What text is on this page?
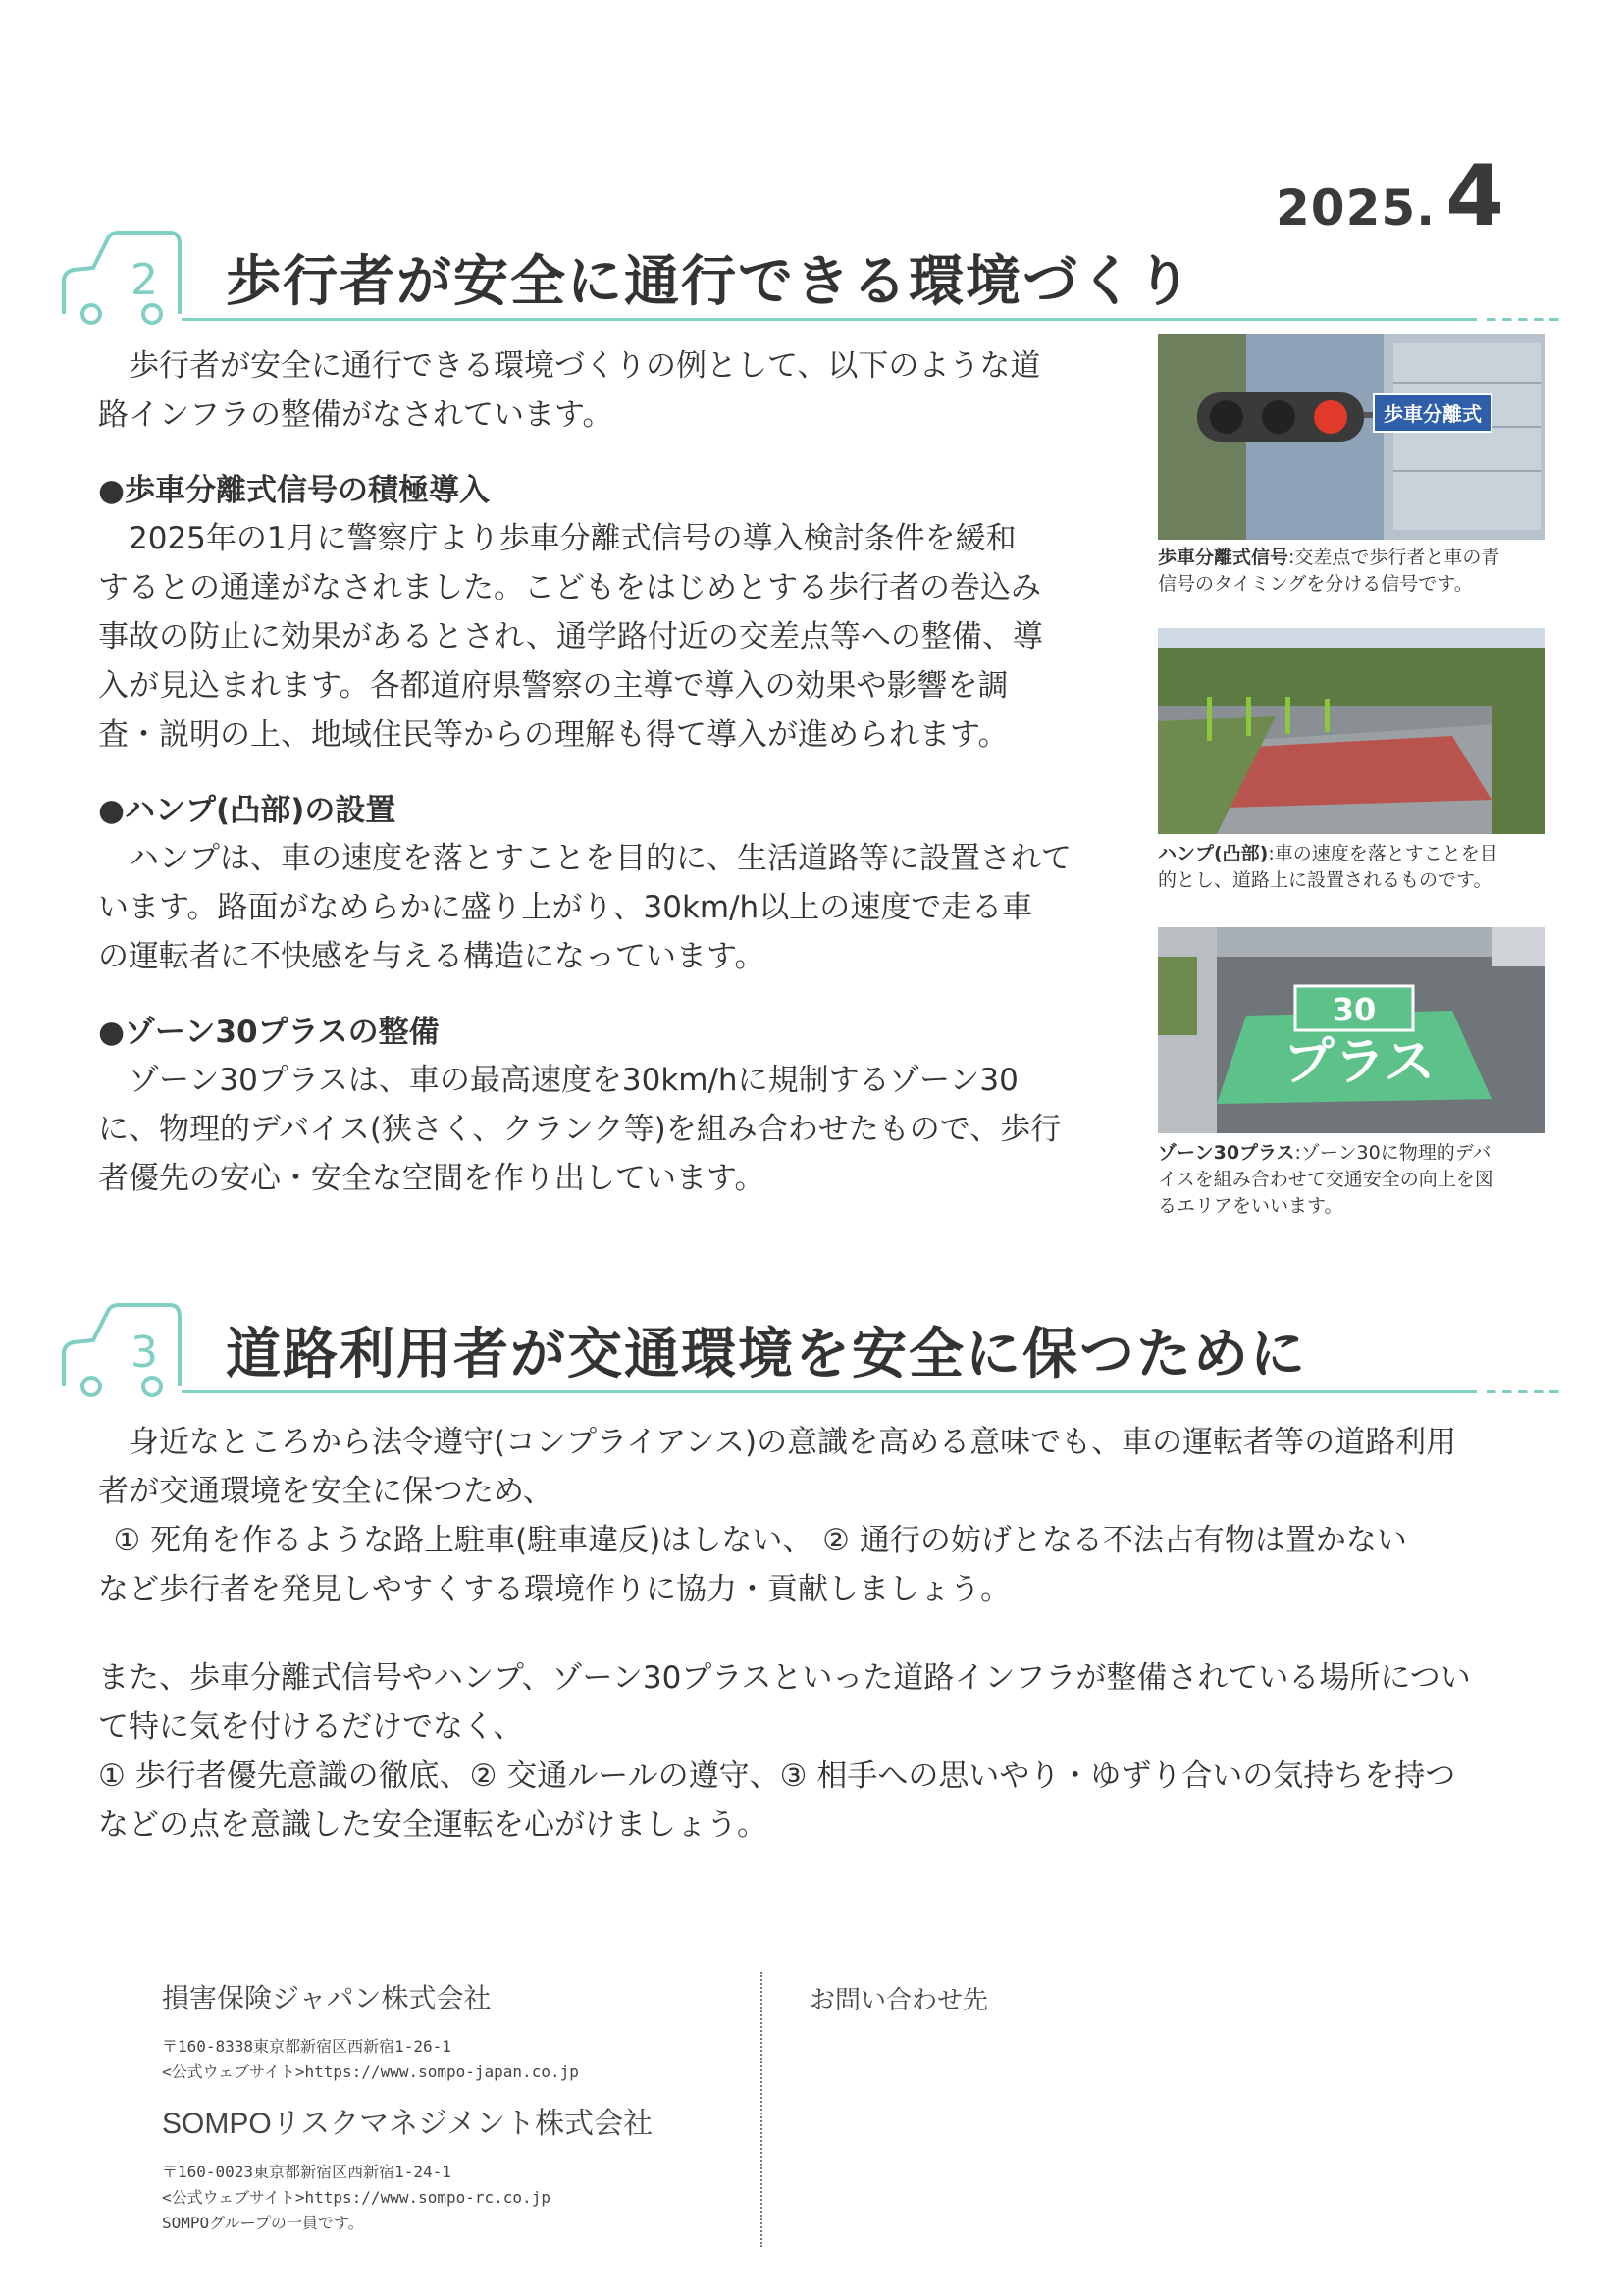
2025. 4
2 歩行者が安全に通行できる環境づくり
歩行者が安全に通行できる環境づくりの例として、以下のような道
路インフラの整備がなされています。
●歩車分離式信号の積極導入
2025年の1月に警察庁より歩車分離式信号の導入検討条件を緩和
するとの通達がなされました。こどもをはじめとする歩行者の巻込み
事故の防止に効果があるとされ、通学路付近の交差点等への整備、導
入が見込まれます。各都道府県警察の主導で導入の効果や影響を調
査・説明の上、地域住民等からの理解も得て導入が進められます。
●ハンプ(凸部)の設置
ハンプは、車の速度を落とすことを目的に、生活道路等に設置されて
います。路面がなめらかに盛り上がり、30km/h以上の速度で走る車
の運転者に不快感を与える構造になっています。
●ゾーン30プラスの整備
ゾーン30プラスは、車の最高速度を30km/hに規制するゾーン30
に、物理的デバイス(狭さく、クランク等)を組み合わせたもので、歩行
者優先の安心・安全な空間を作り出しています。
歩車分離式
歩車分離式信号:交差点で歩行者と車の青
信号のタイミングを分ける信号です。
ハンプ(凸部):車の速度を落とすことを目
的とし、道路上に設置されるものです。
30
プラス
ゾーン30プラス:ゾーン30に物理的デバ
イスを組み合わせて交通安全の向上を図
るエリアをいいます。
3 道路利用者が交通環境を安全に保つために
身近なところから法令遵守(コンプライアンス)の意識を高める意味でも、車の運転者等の道路利用
者が交通環境を安全に保つため、
① 死角を作るような路上駐車(駐車違反)はしない、 ② 通行の妨げとなる不法占有物は置かない
など歩行者を発見しやすくする環境作りに協力・貢献しましょう。
また、歩車分離式信号やハンプ、ゾーン30プラスといった道路インフラが整備されている場所につい
て特に気を付けるだけでなく、
① 歩行者優先意識の徹底、② 交通ルールの遵守、③ 相手への思いやり・ゆずり合いの気持ちを持つ
などの点を意識した安全運転を心がけましょう。
損害保険ジャパン株式会社
〒160-8338東京都新宿区西新宿1-26-1
<公式ウェブサイト>https://www.sompo-japan.co.jp
SOMPOリスクマネジメント株式会社
〒160-0023東京都新宿区西新宿1-24-1
<公式ウェブサイト>https://www.sompo-rc.co.jp
SOMPOグループの一員です。
お問い合わせ先
